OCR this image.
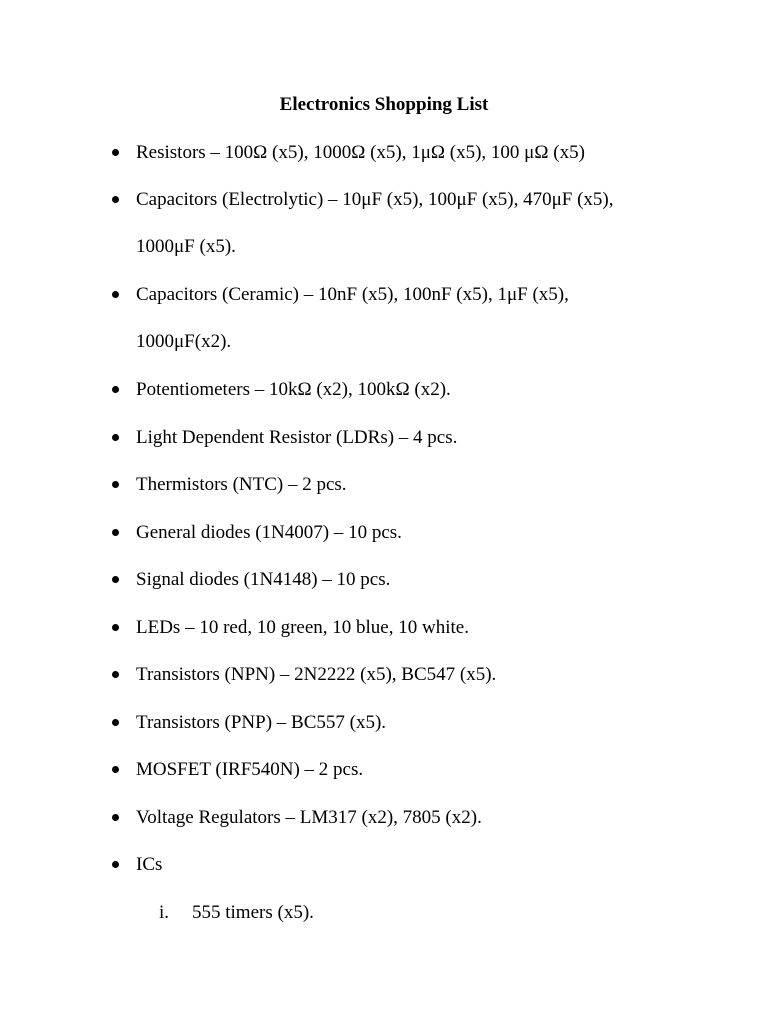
Electronics Shopping List
Resistors – 100Ω (x5), 1000Ω (x5), 1μΩ (x5), 100 μΩ (x5)
Capacitors (Electrolytic) – 10μF (x5), 100μF (x5), 470μF (x5),
1000μF (x5).
Capacitors (Ceramic) – 10nF (x5), 100nF (x5), 1μF (x5),
1000μF(x2).
Potentiometers – 10kΩ (x2), 100kΩ (x2).
Light Dependent Resistor (LDRs) – 4 pcs.
Thermistors (NTC) – 2 pcs.
General diodes (1N4007) – 10 pcs.
Signal diodes (1N4148) – 10 pcs.
LEDs – 10 red, 10 green, 10 blue, 10 white.
Transistors (NPN) – 2N2222 (x5), BC547 (x5).
Transistors (PNP) – BC557 (x5).
MOSFET (IRF540N) – 2 pcs.
Voltage Regulators – LM317 (x2), 7805 (x2).
ICs
i. 555 timers (x5).
